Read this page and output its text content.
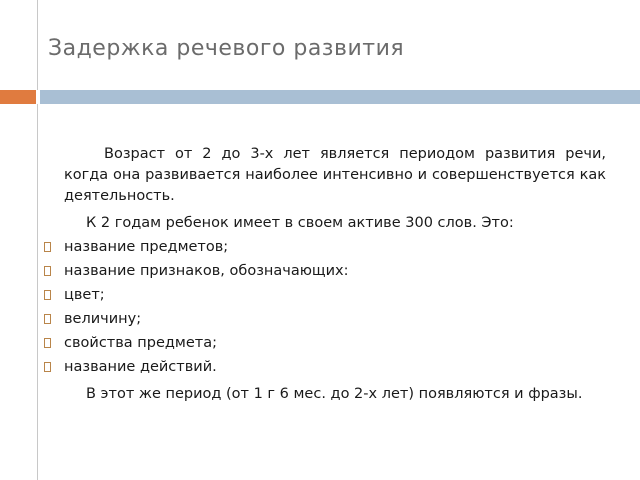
Задержка речевого развития

Возраст от 2 до 3-х лет является периодом развития речи, когда она развивается наиболее интенсивно и совершенствуется как деятельность.

К 2 годам ребенок имеет в своем активе 300 слов. Это:

название предметов;
название признаков, обозначающих:
цвет;
величину;
свойства предмета;
название действий.

В этот же период (от 1 г 6 мес. до 2-х лет) появляются и фразы.
